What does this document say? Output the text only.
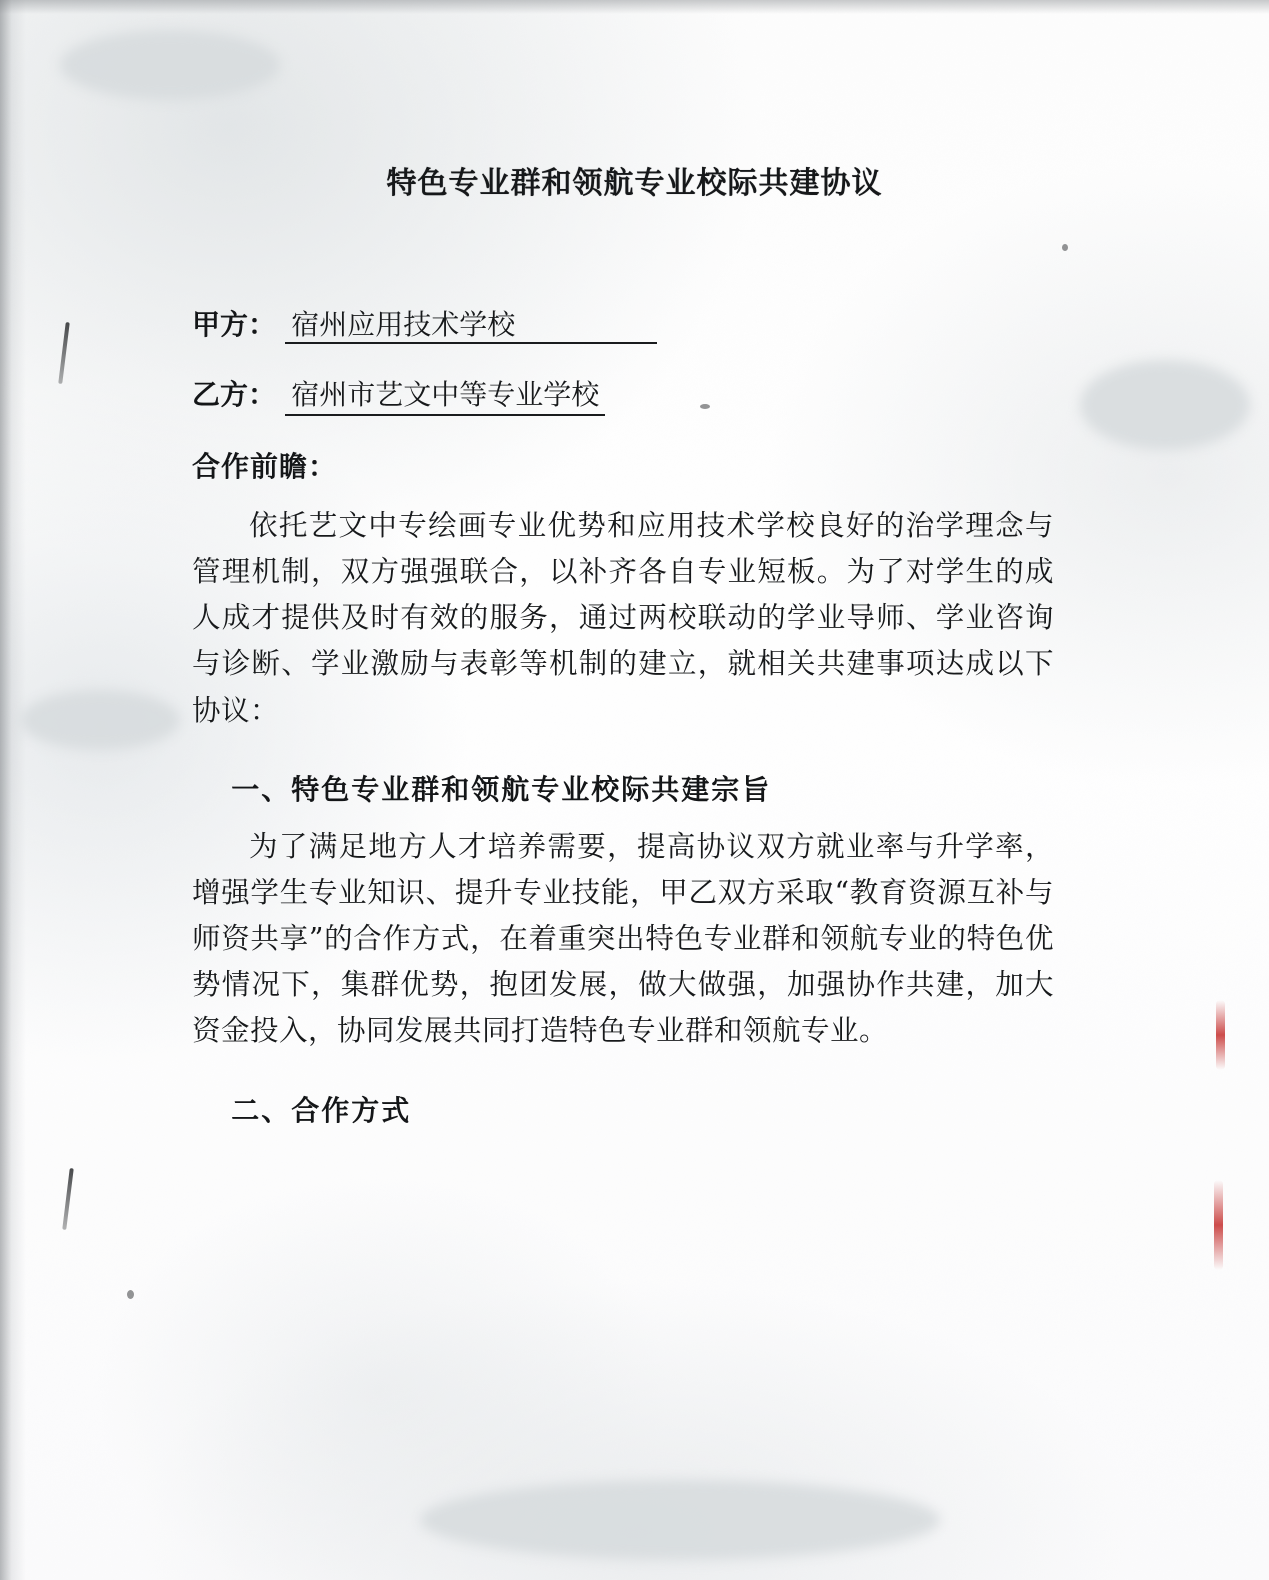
特色专业群和领航专业校际共建协议
甲方： 宿州应用技术学校
乙方： 宿州市艺文中等专业学校
合作前瞻：
依托艺文中专绘画专业优势和应用技术学校良好的治学理念与管理机制，双方强强联合，以补齐各自专业短板。为了对学生的成人成才提供及时有效的服务，通过两校联动的学业导师、学业咨询与诊断、学业激励与表彰等机制的建立，就相关共建事项达成以下协议：
一、特色专业群和领航专业校际共建宗旨
为了满足地方人才培养需要，提高协议双方就业率与升学率，增强学生专业知识、提升专业技能，甲乙双方采取“教育资源互补与师资共享”的合作方式，在着重突出特色专业群和领航专业的特色优势情况下，集群优势，抱团发展，做大做强，加强协作共建，加大资金投入，协同发展共同打造特色专业群和领航专业。
二、合作方式
